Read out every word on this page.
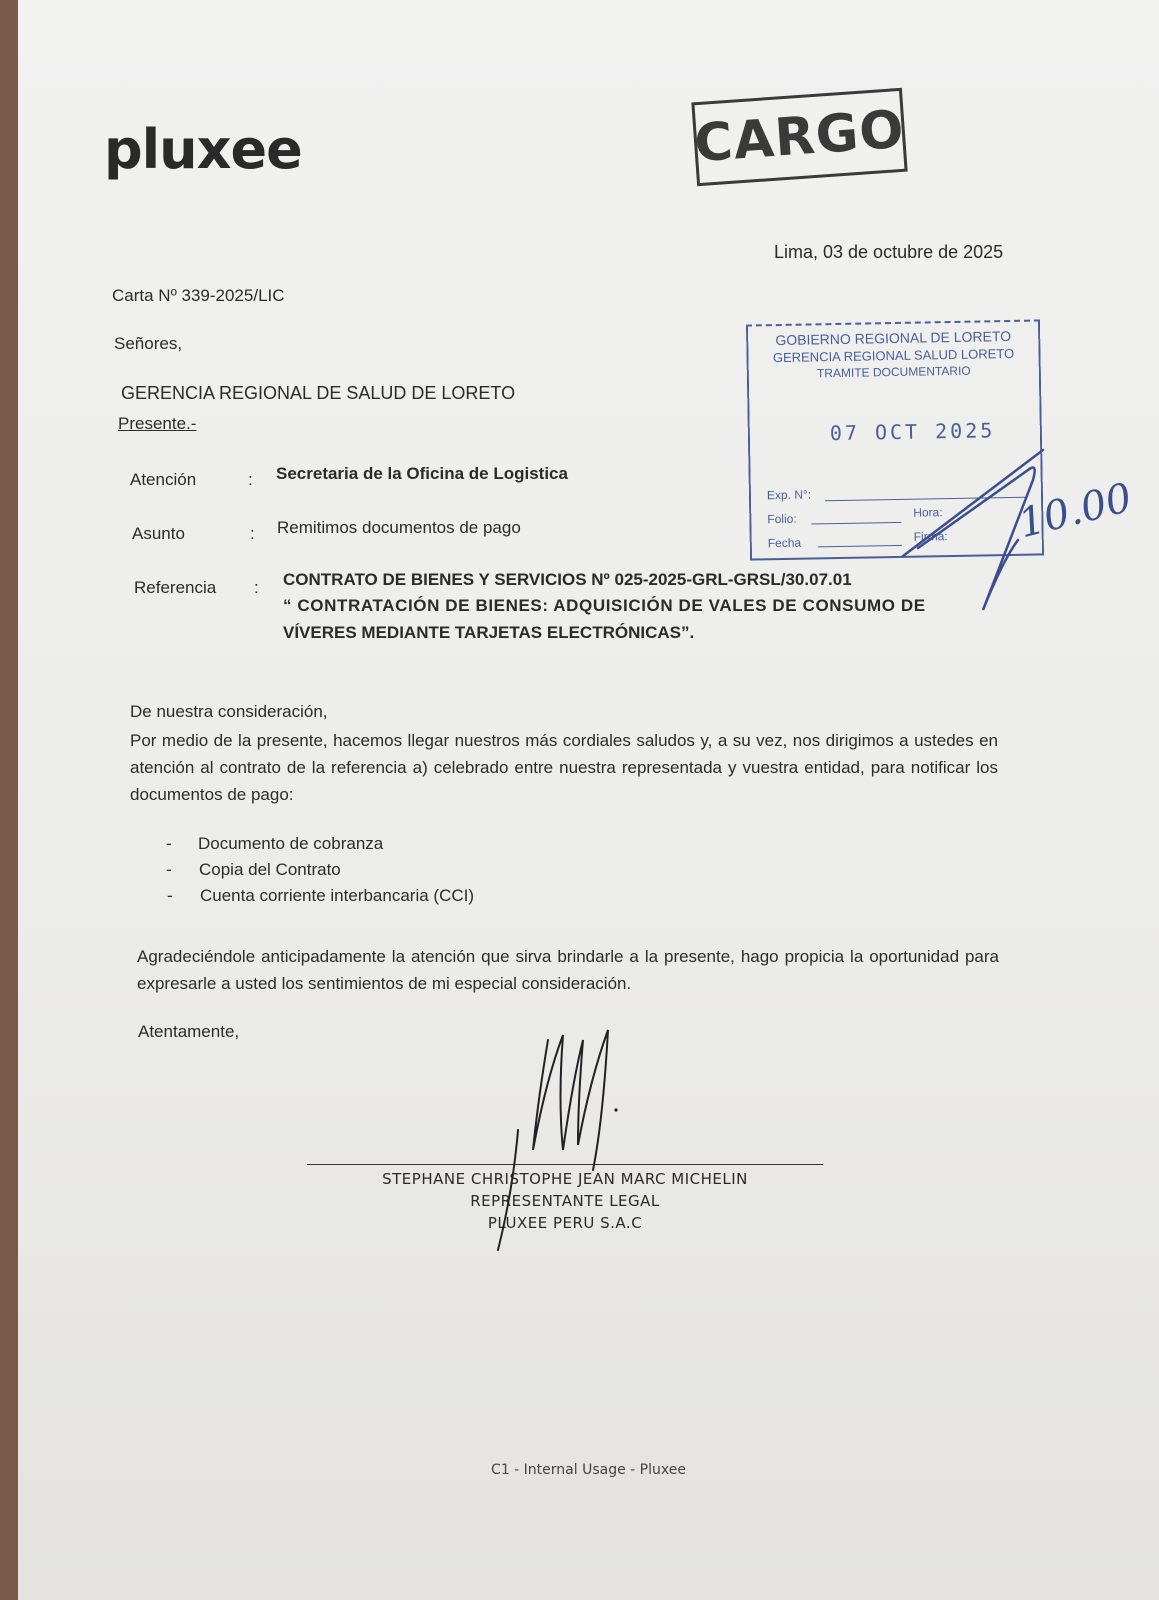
pluxee	CARGO
Lima, 03 de octubre de 2025
Carta Nº 339-2025/LIC
Señores,
GERENCIA REGIONAL DE SALUD DE LORETO
Presente.-
Atención	: Secretaria de la Oficina de Logistica
Asunto	: Remitimos documentos de pago
Referencia : CONTRATO DE BIENES Y SERVICIOS Nº 025-2025-GRL-GRSL/30.07.01
“ CONTRATACIÓN DE BIENES: ADQUISICIÓN DE VALES DE CONSUMO DE
VÍVERES MEDIANTE TARJETAS ELECTRÓNICAS”.
De nuestra consideración,
Por medio de la presente, hacemos llegar nuestros más cordiales saludos y, a su vez, nos dirigimos a ustedes en atención al contrato de la referencia a) celebrado entre nuestra representada y vuestra entidad, para notificar los documentos de pago:
- Documento de cobranza
- Copia del Contrato
- Cuenta corriente interbancaria (CCI)
Agradeciéndole anticipadamente la atención que sirva brindarle a la presente, hago propicia la oportunidad para expresarle a usted los sentimientos de mi especial consideración.
Atentamente,
STEPHANE CHRISTOPHE JEAN MARC MICHELIN
REPRESENTANTE LEGAL
PLUXEE PERU S.A.C
GOBIERNO REGIONAL DE LORETO
GERENCIA REGIONAL SALUD LORETO
TRAMITE DOCUMENTARIO
07 OCT 2025
Exp. N°:
Folio:	Hora:
Fecha	Firma: 10.00
C1 - Internal Usage - Pluxee
